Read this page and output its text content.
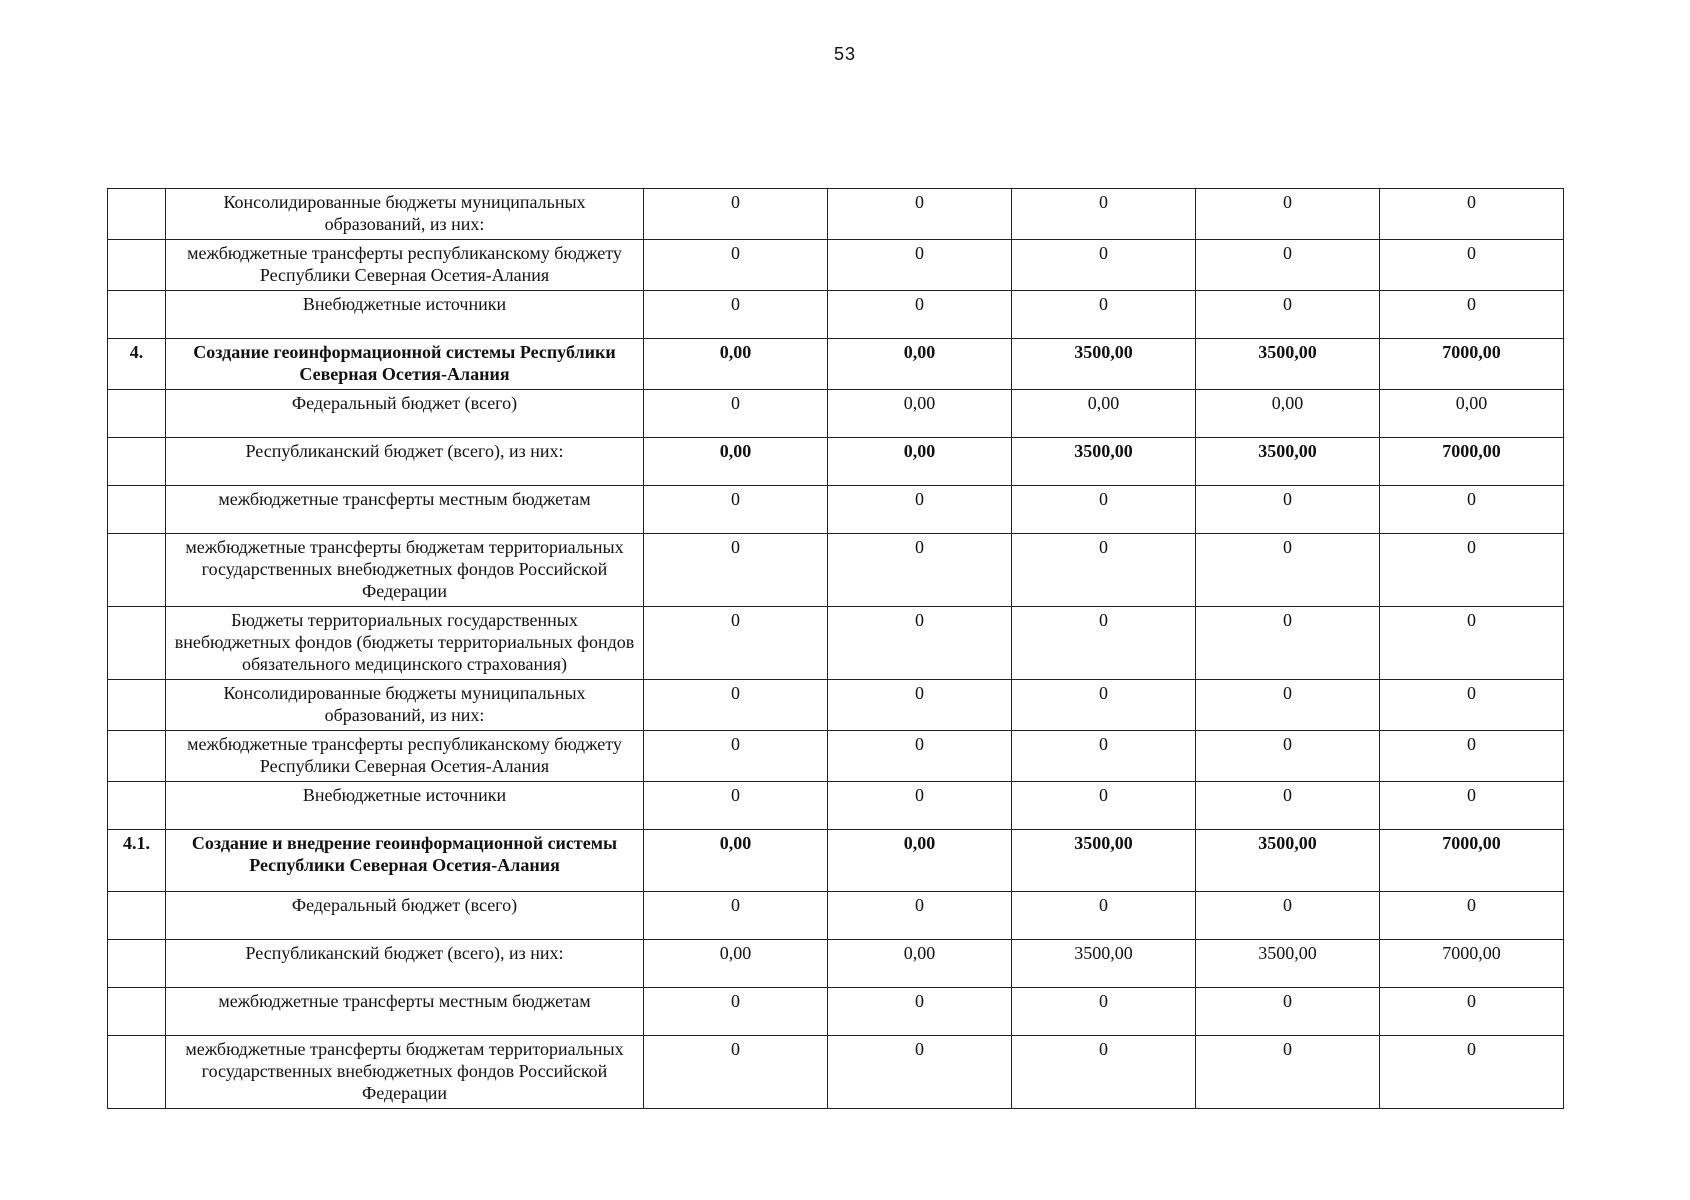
53
	Консолидированные бюджеты муниципальных образований, из них:	0	0	0	0	0
	межбюджетные трансферты республиканскому бюджету Республики Северная Осетия-Алания	0	0	0	0	0
	Внебюджетные источники	0	0	0	0	0
4.	Создание геоинформационной системы Республики Северная Осетия-Алания	0,00	0,00	3500,00	3500,00	7000,00
	Федеральный бюджет (всего)	0	0,00	0,00	0,00	0,00
	Республиканский бюджет (всего), из них:	0,00	0,00	3500,00	3500,00	7000,00
	межбюджетные трансферты местным бюджетам	0	0	0	0	0
	межбюджетные трансферты бюджетам территориальных государственных внебюджетных фондов Российской Федерации	0	0	0	0	0
	Бюджеты территориальных государственных внебюджетных фондов (бюджеты территориальных фондов обязательного медицинского страхования)	0	0	0	0	0
	Консолидированные бюджеты муниципальных образований, из них:	0	0	0	0	0
	межбюджетные трансферты республиканскому бюджету Республики Северная Осетия-Алания	0	0	0	0	0
	Внебюджетные источники	0	0	0	0	0
4.1.	Создание и внедрение геоинформационной системы Республики Северная Осетия-Алания	0,00	0,00	3500,00	3500,00	7000,00
	Федеральный бюджет (всего)	0	0	0	0	0
	Республиканский бюджет (всего), из них:	0,00	0,00	3500,00	3500,00	7000,00
	межбюджетные трансферты местным бюджетам	0	0	0	0	0
	межбюджетные трансферты бюджетам территориальных государственных внебюджетных фондов Российской Федерации	0	0	0	0	0
